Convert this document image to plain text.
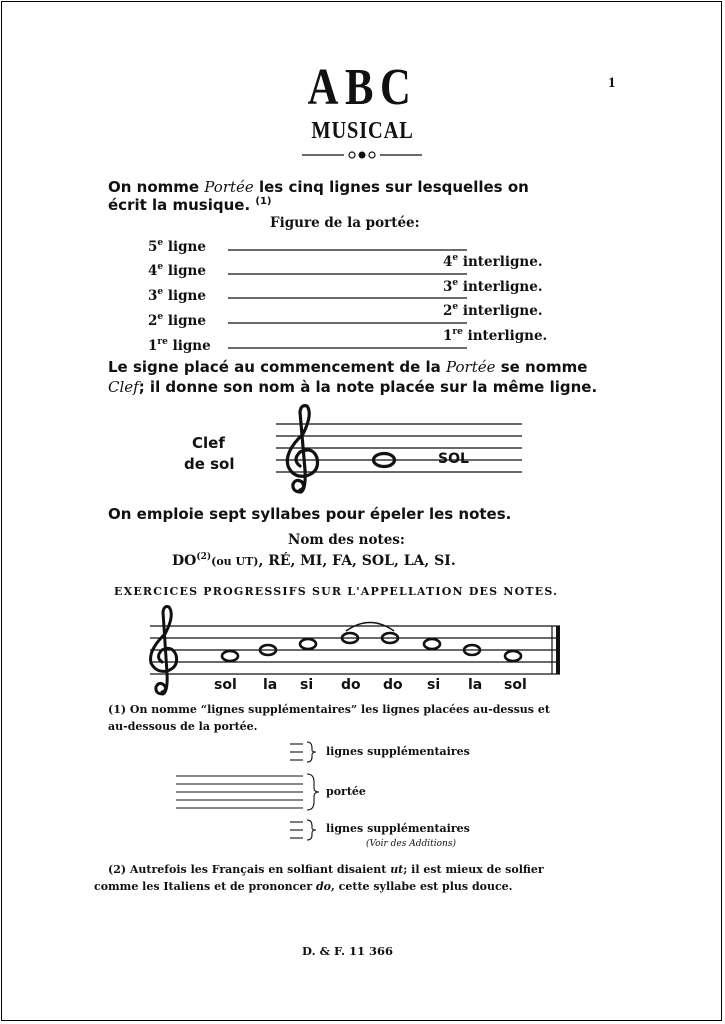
ABC
MUSICAL
1
On nomme Portée les cinq lignes sur lesquelles on
écrit la musique. $^{(1)}$
Figure de la portée:
5e ligne
4e ligne
3e ligne
2e ligne
1re ligne
4e interligne.
3e interligne.
2e interligne.
1re interligne.
Le signe placé au commencement de la Portée se nomme
Clef; il donne son nom à la note placée sur la même ligne.
Clef
de sol	SOL
On emploie sept syllabes pour épeler les notes.
Nom des notes:
DO$^{(2)}$(ou UT), RÉ, MI, FA, SOL, LA, SI.
EXERCICES PROGRESSIFS SUR L'APPELLATION DES NOTES.
sol la si do do si la sol
(1) On nomme “lignes supplémentaires” les lignes placées au-dessus et
au-dessous de la portée.
lignes supplémentaires
portée
lignes supplémentaires
(Voir des Additions)
(2) Autrefois les Français en solfiant disaient ut; il est mieux de solfier
comme les Italiens et de prononcer do, cette syllabe est plus douce.
D. & F. 11 366
